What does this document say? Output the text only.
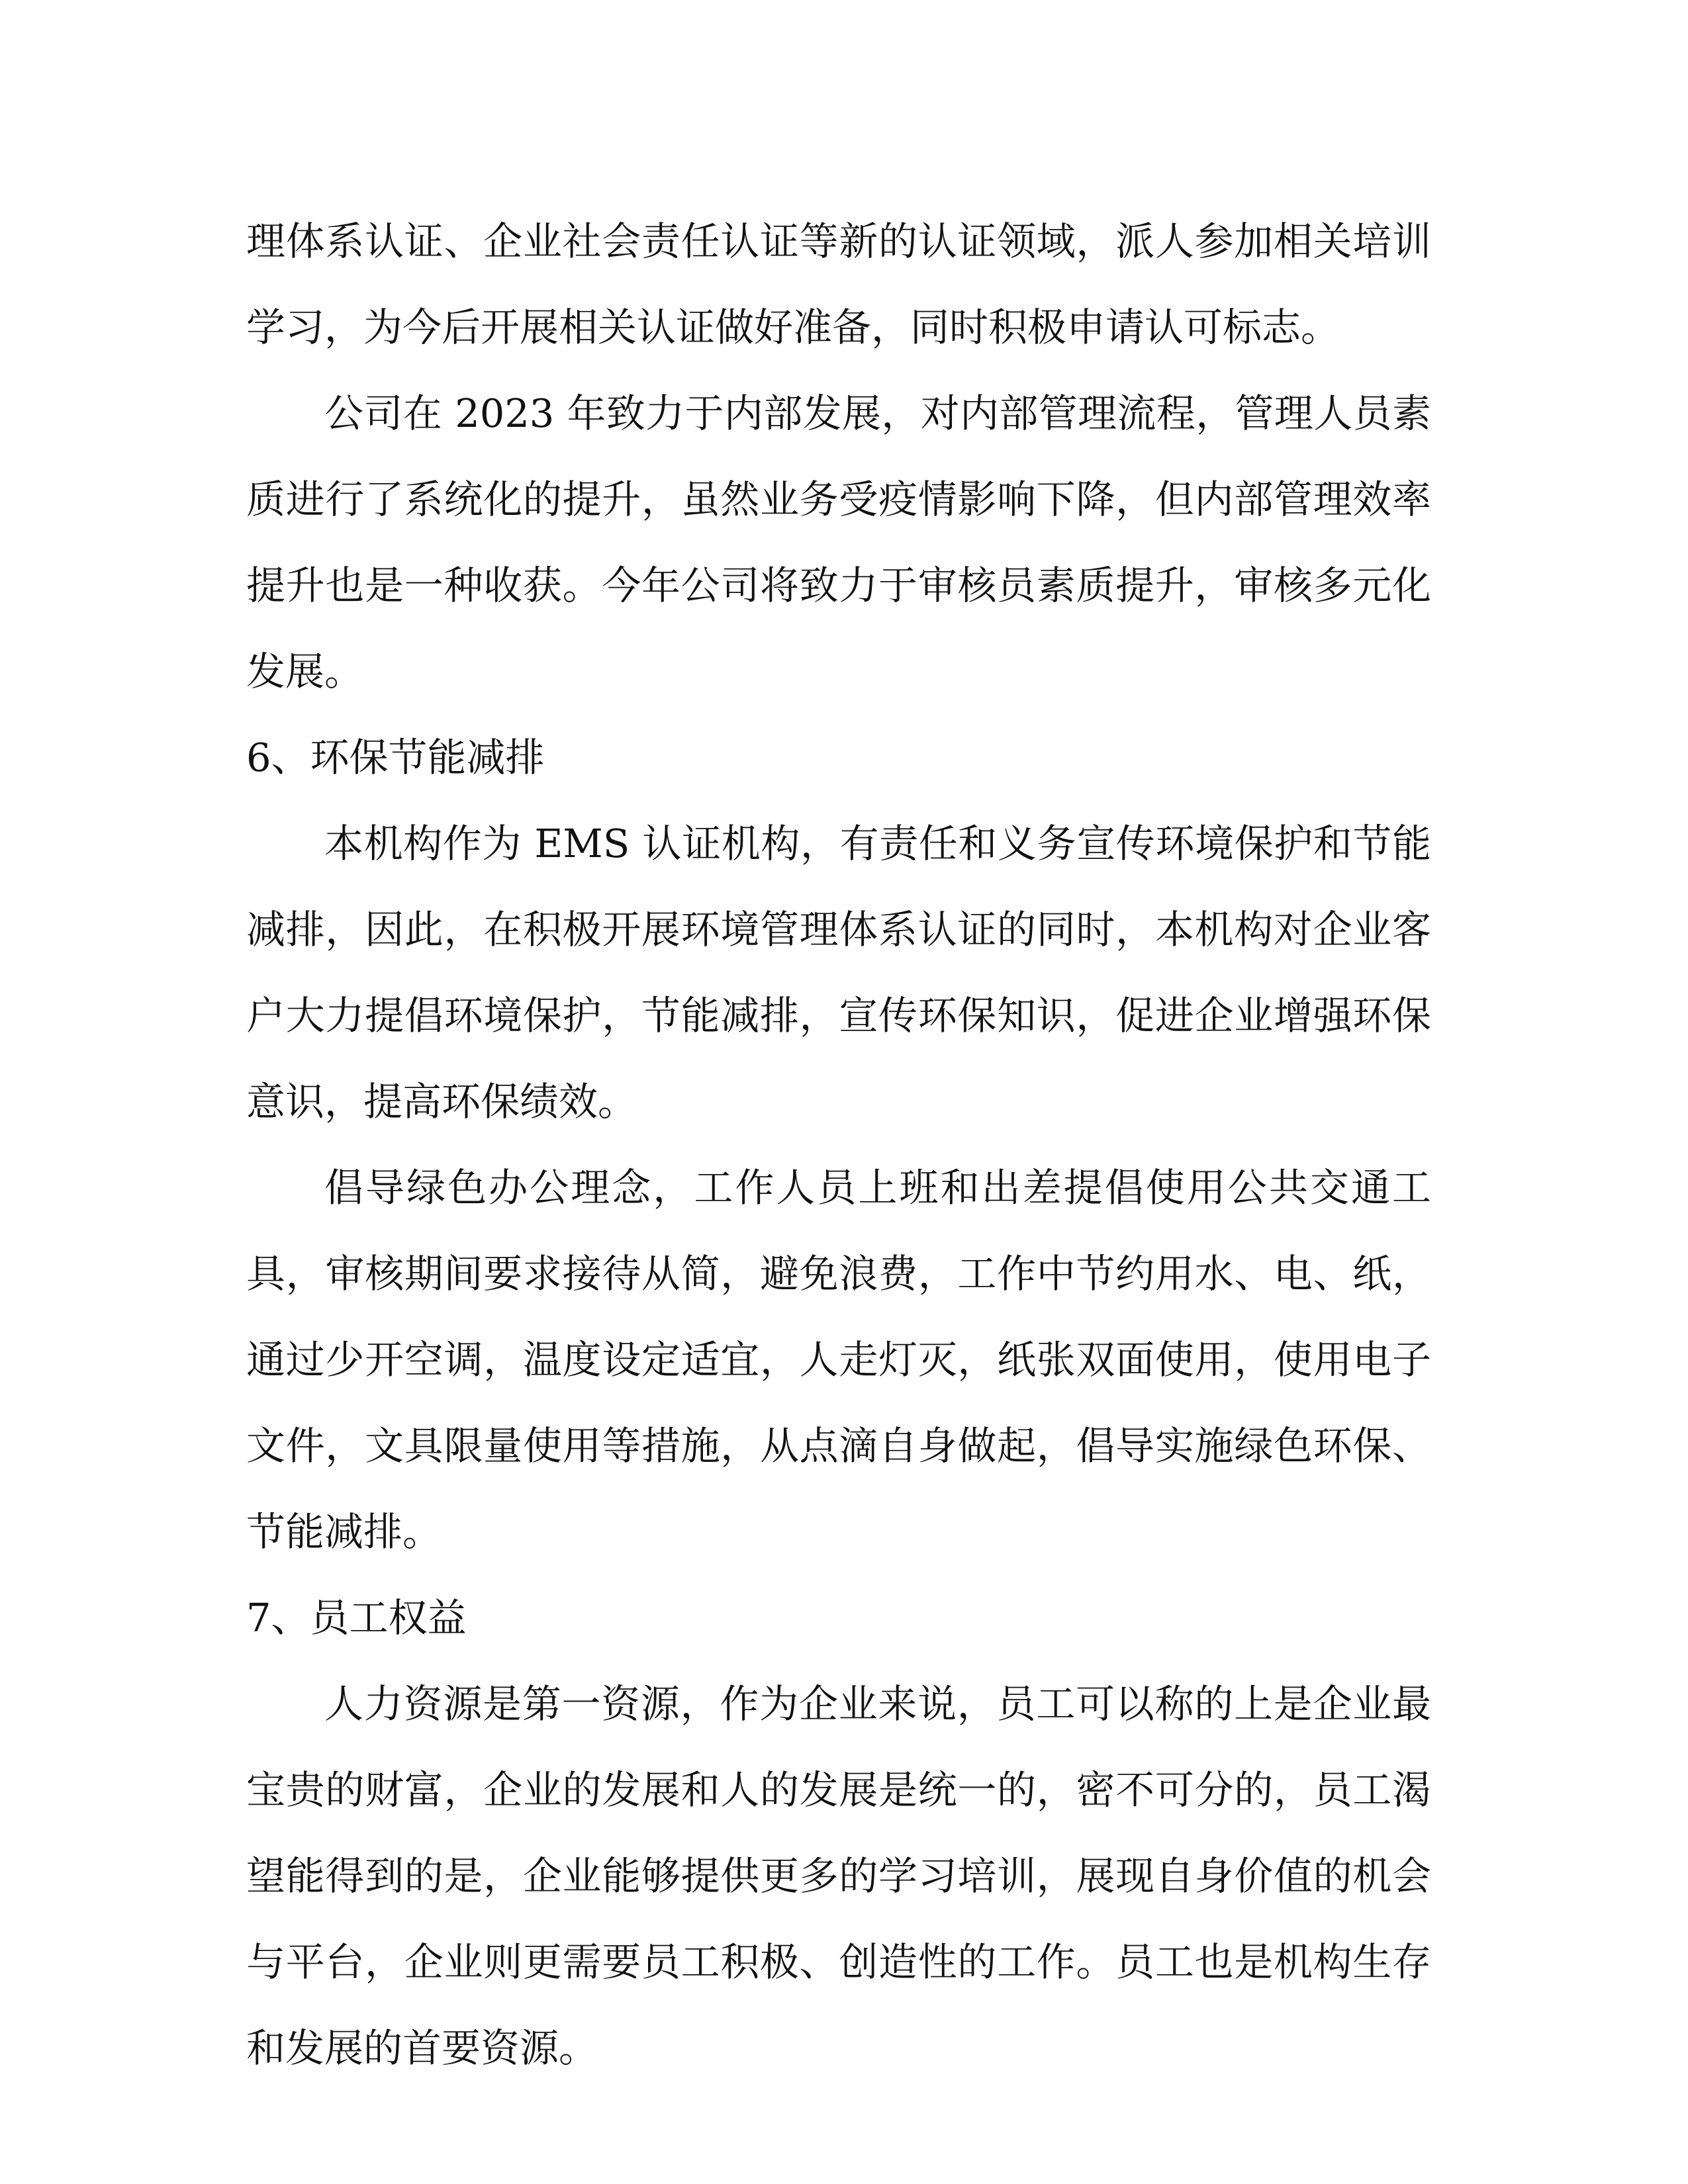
理体系认证、企业社会责任认证等新的认证领域，派人参加相关培训学习，为今后开展相关认证做好准备，同时积极申请认可标志。

公司在 2023 年致力于内部发展，对内部管理流程，管理人员素质进行了系统化的提升，虽然业务受疫情影响下降，但内部管理效率提升也是一种收获。今年公司将致力于审核员素质提升，审核多元化发展。

6、环保节能减排

本机构作为 EMS 认证机构，有责任和义务宣传环境保护和节能减排，因此，在积极开展环境管理体系认证的同时，本机构对企业客户大力提倡环境保护，节能减排，宣传环保知识，促进企业增强环保意识，提高环保绩效。

倡导绿色办公理念，工作人员上班和出差提倡使用公共交通工具，审核期间要求接待从简，避免浪费，工作中节约用水、电、纸，通过少开空调，温度设定适宜，人走灯灭，纸张双面使用，使用电子文件，文具限量使用等措施，从点滴自身做起，倡导实施绿色环保、节能减排。

7、员工权益

人力资源是第一资源，作为企业来说，员工可以称的上是企业最宝贵的财富，企业的发展和人的发展是统一的，密不可分的，员工渴望能得到的是，企业能够提供更多的学习培训，展现自身价值的机会与平台，企业则更需要员工积极、创造性的工作。员工也是机构生存和发展的首要资源。
